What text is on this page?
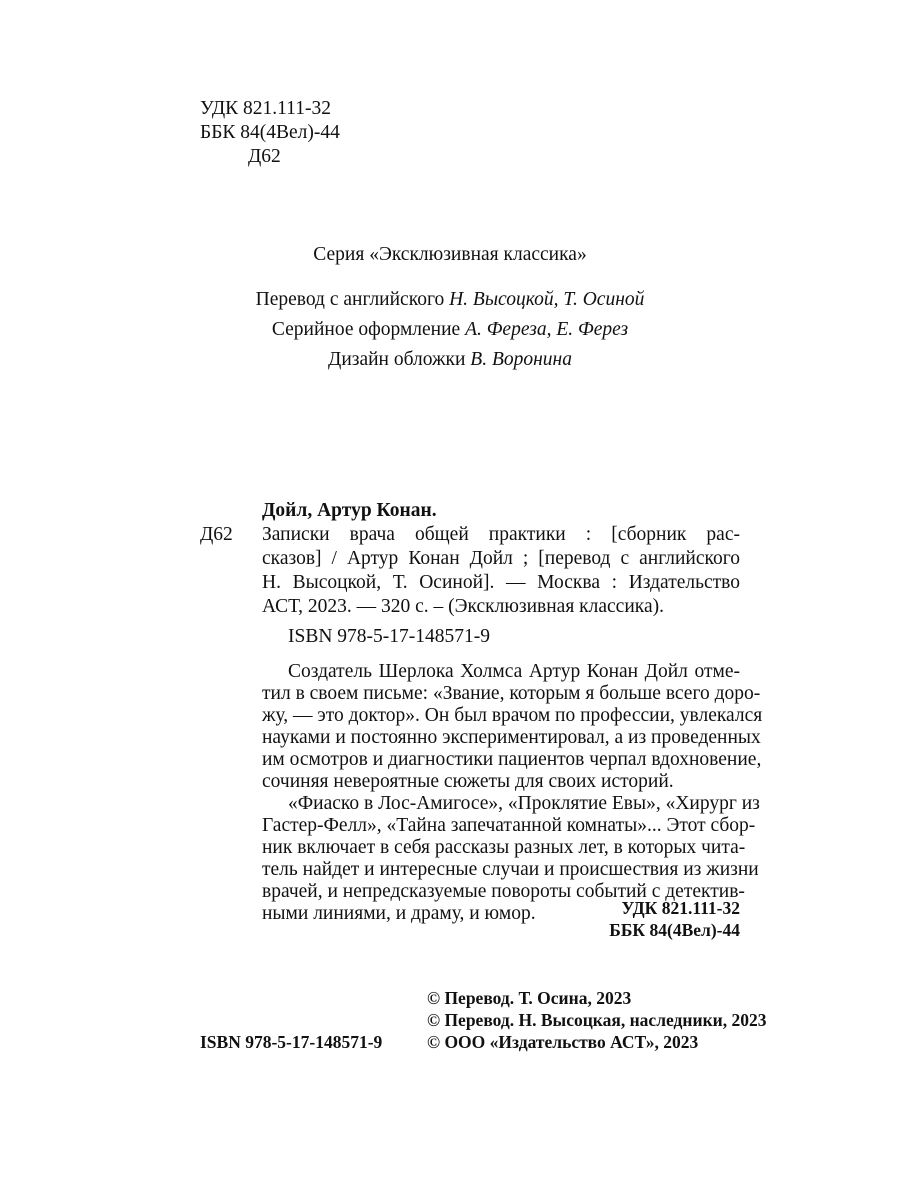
УДК 821.111-32
ББК 84(4Вел)-44
Д62
Серия «Эксклюзивная классика»
Перевод с английского Н. Высоцкой, Т. Осиной
Серийное оформление А. Фереза, Е. Ферез
Дизайн обложки В. Воронина
Дойл, Артур Конан.
Д62 Записки врача общей практики : [сборник рас-
сказов] / Артур Конан Дойл ; [перевод с английского
Н. Высоцкой, Т. Осиной]. — Москва : Издательство
АСТ, 2023. — 320 с. – (Эксклюзивная классика).
ISBN 978-5-17-148571-9
Создатель Шерлока Холмса Артур Конан Дойл отме-
тил в своем письме: «Звание, которым я больше всего доро-
жу, — это доктор». Он был врачом по профессии, увлекался
науками и постоянно экспериментировал, а из проведенных
им осмотров и диагностики пациентов черпал вдохновение,
сочиняя невероятные сюжеты для своих историй.
«Фиаско в Лос-Амигосе», «Проклятие Евы», «Хирург из
Гастер-Фелл», «Тайна запечатанной комнаты»... Этот сбор-
ник включает в себя рассказы разных лет, в которых чита-
тель найдет и интересные случаи и происшествия из жизни
врачей, и непредсказуемые повороты событий с детектив-
ными линиями, и драму, и юмор.	УДК 821.111-32
ББК 84(4Вел)-44
© Перевод. Т. Осина, 2023
© Перевод. Н. Высоцкая, наследники, 2023
© ООО «Издательство АСТ», 2023
ISBN 978-5-17-148571-9
